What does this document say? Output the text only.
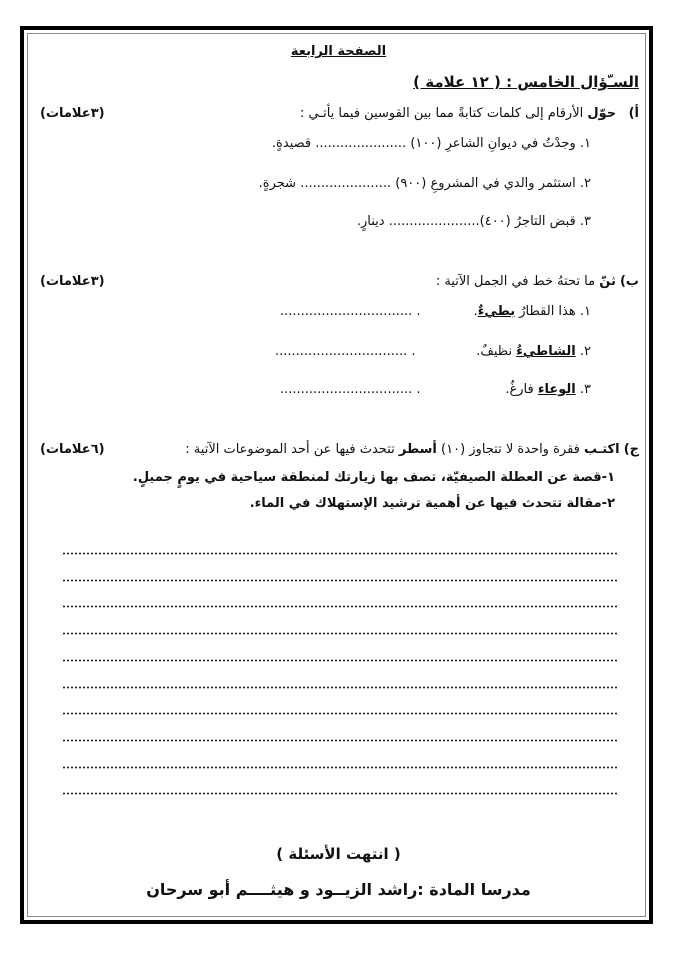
الصفحة الرابعة
السـّؤال الخامس : ( ١٢ علامة )
أ)   حوّل الأرقام إلى كلمات كتابةً مما بين القوسين فيما يأتـي :
(٣علامات)
١. وجدْتُ في ديوانِ الشاعرِ (١٠٠) ...................... قصيدةٍ.
٢. استثمر والدي في المشروعِ (٩٠٠) ...................... شجرةٍ.
٣. قبض التاجرُ (٤٠٠)...................... دينارٍ.
ب) ثنّ ما تحتهُ خط في الجمل الآتية :
(٣علامات)
١. هذا القطارُ بطيءٌ.
................................ .
٢. الشاطيءُ نظيفٌ.
................................ .
٣. الوعاء فارغٌ.
................................ .
ج) اكتـب فقرة واحدة لا تتجاوز (١٠) أسطر تتحدث فيها عن أحد الموضوعات الآتية :
(٦علامات)
١-قصة عن العطلة الصيفيّة، تصف بها زيارتك لمنطقة سياحية في يومٍ جميلٍ.
٢-مقالة تتحدث فيها عن أهمية ترشيد الإستهلاك في الماء.
( انتهت الأسئلة )
مدرسا المادة :راشد الزيــود و هيثــــم أبو سرحان
